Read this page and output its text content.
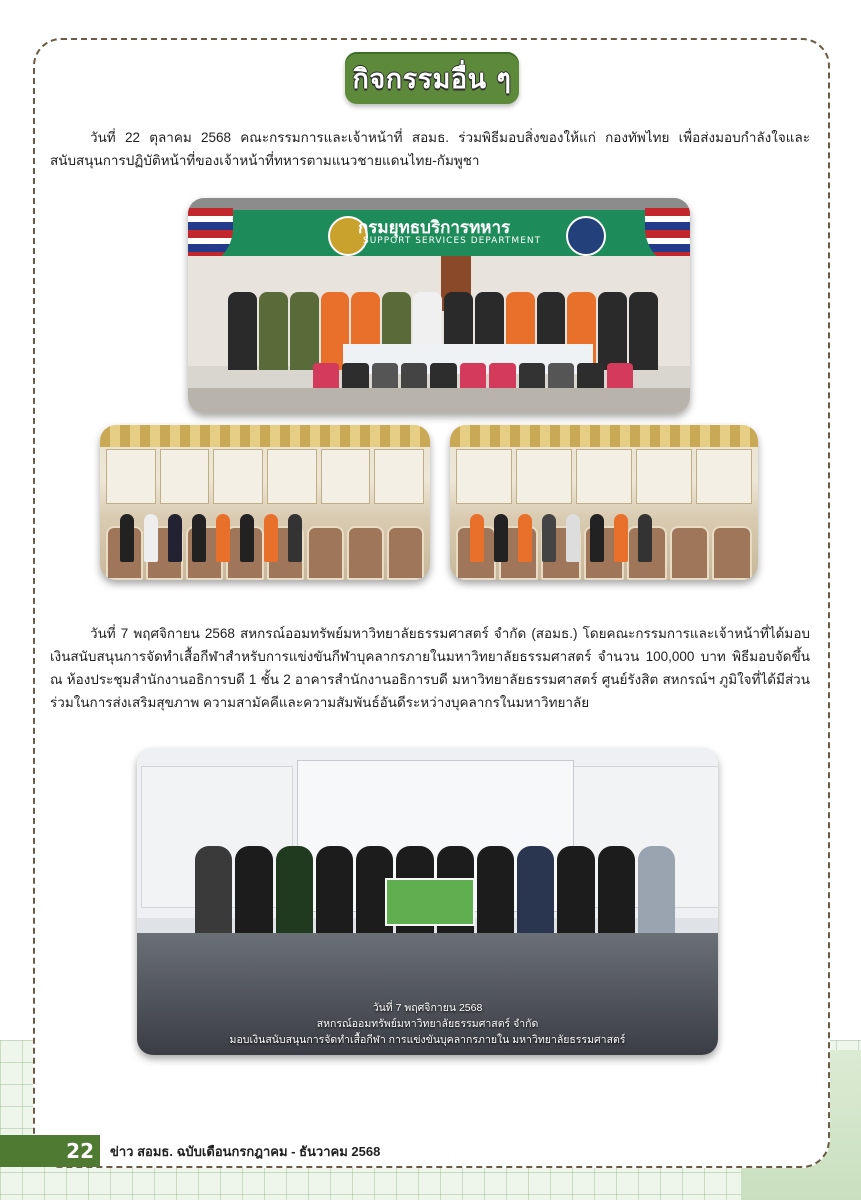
กิจกรรมอื่น ๆ

วันที่ 22 ตุลาคม 2568 คณะกรรมการและเจ้าหน้าที่ สอมธ. ร่วมพิธีมอบสิ่งของให้แก่ กองทัพไทย เพื่อส่งมอบกำลังใจและสนับสนุนการปฏิบัติหน้าที่ของเจ้าหน้าที่ทหารตามแนวชายแดนไทย-กัมพูชา

กรมยุทธบริการทหาร
SUPPORT SERVICES DEPARTMENT

วันที่ 7 พฤศจิกายน 2568 สหกรณ์ออมทรัพย์มหาวิทยาลัยธรรมศาสตร์ จำกัด (สอมธ.) โดยคณะกรรมการและเจ้าหน้าที่ได้มอบเงินสนับสนุนการจัดทำเสื้อกีฬาสำหรับการแข่งขันกีฬาบุคลากรภายในมหาวิทยาลัยธรรมศาสตร์ จำนวน 100,000 บาท พิธีมอบจัดขึ้น ณ ห้องประชุมสำนักงานอธิการบดี 1 ชั้น 2 อาคารสำนักงานอธิการบดี มหาวิทยาลัยธรรมศาสตร์ ศูนย์รังสิต สหกรณ์ฯ ภูมิใจที่ได้มีส่วนร่วมในการส่งเสริมสุขภาพ ความสามัคคีและความสัมพันธ์อันดีระหว่างบุคลากรในมหาวิทยาลัย

วันที่ 7 พฤศจิกายน 2568
สหกรณ์ออมทรัพย์มหาวิทยาลัยธรรมศาสตร์ จำกัด
มอบเงินสนับสนุนการจัดทำเสื้อกีฬา การแข่งขันบุคลากรภายใน มหาวิทยาลัยธรรมศาสตร์
22	ข่าว สอมธ. ฉบับเดือนกรกฎาคม - ธันวาคม 2568
